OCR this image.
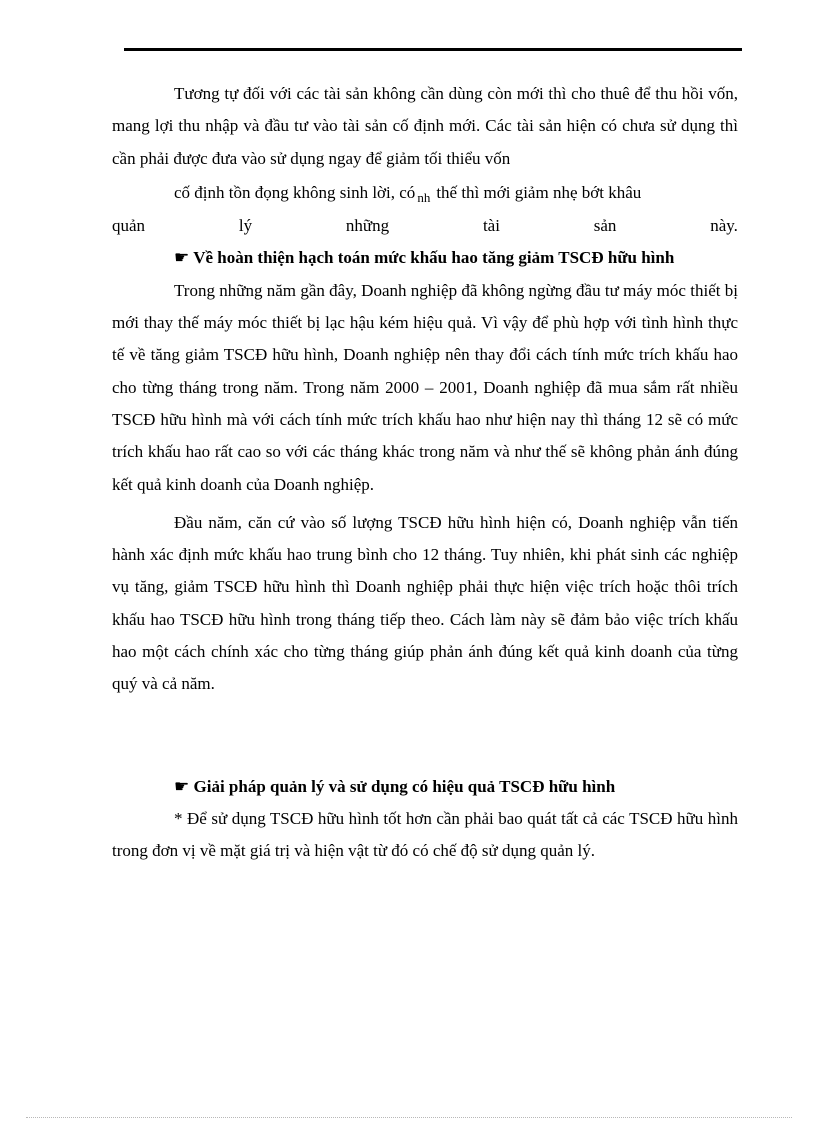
Tương tự đối với các tài sản không cần dùng còn mới thì cho thuê để thu hồi vốn, mang lợi thu nhập và đầu tư vào tài sản cố định mới. Các tài sản hiện có chưa sử dụng thì cần phải được đưa vào sử dụng ngay để giảm tối thiểu vốn

cố định tồn đọng không sinh lời, có $_{nh}$ thế thì mới giảm nhẹ bớt khâu

quản	lý	những	tài	sản	này.

☛ Về hoàn thiện hạch toán mức khấu hao tăng giảm TSCĐ hữu hình

Trong những năm gần đây, Doanh nghiệp đã không ngừng đầu tư máy móc thiết bị mới thay thế máy móc thiết bị lạc hậu kém hiệu quả. Vì vậy để phù hợp với tình hình thực tế về tăng giảm TSCĐ hữu hình, Doanh nghiệp nên thay đổi cách tính mức trích khấu hao cho từng tháng trong năm. Trong năm 2000 – 2001, Doanh nghiệp đã mua sắm rất nhiều TSCĐ hữu hình mà với cách tính mức trích khấu hao như hiện nay thì tháng 12 sẽ có mức trích khấu hao rất cao so với các tháng khác trong năm và như thế sẽ không phản ánh đúng kết quả kinh doanh của Doanh nghiệp.

Đầu năm, căn cứ vào số lượng TSCĐ hữu hình hiện có, Doanh nghiệp vẫn tiến hành xác định mức khấu hao trung bình cho 12 tháng. Tuy nhiên, khi phát sinh các nghiệp vụ tăng, giảm TSCĐ hữu hình thì Doanh nghiệp phải thực hiện việc trích hoặc thôi trích khấu hao TSCĐ hữu hình trong tháng tiếp theo. Cách làm này sẽ đảm bảo việc trích khấu hao một cách chính xác cho từng tháng giúp phản ánh đúng kết quả kinh doanh của từng quý và cả năm.

☛ Giải pháp quản lý và sử dụng có hiệu quả TSCĐ hữu hình

* Để sử dụng TSCĐ hữu hình tốt hơn cần phải bao quát tất cả các TSCĐ hữu hình trong đơn vị về mặt giá trị và hiện vật từ đó có chế độ sử dụng quản lý.
